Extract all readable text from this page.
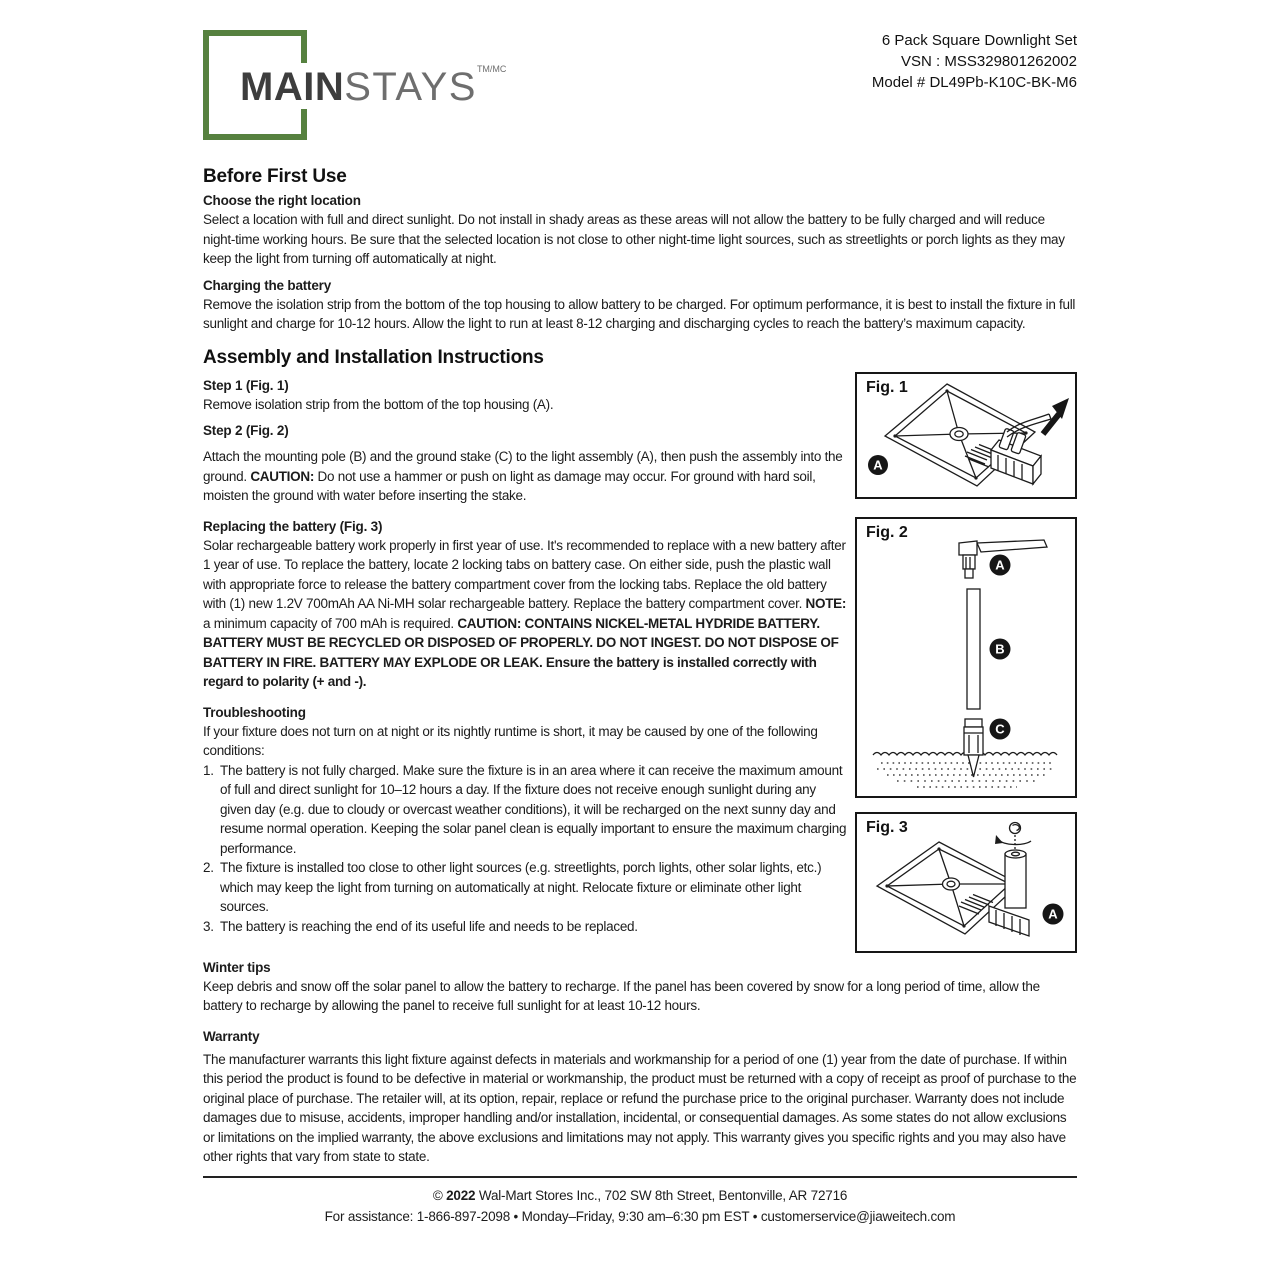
$MAINSTAYS^{TM/MC}$
6 Pack Square Downlight Set
VSN : MSS329801262002
Model # DL49Pb-K10C-BK-M6
Before First Use
Choose the right location

Select a location with full and direct sunlight. Do not install in shady areas as these areas will not allow the battery to be fully charged and will reduce night-time working hours. Be sure that the selected location is not close to other night-time light sources, such as streetlights or porch lights as they may keep the light from turning off automatically at night.

Charging the battery

Remove the isolation strip from the bottom of the top housing to allow battery to be charged. For optimum performance, it is best to install the fixture in full sunlight and charge for 10-12 hours. Allow the light to run at least 8-12 charging and discharging cycles to reach the battery’s maximum capacity.

Assembly and Installation Instructions
Step 1 (Fig. 1)

Remove isolation strip from the bottom of the top housing (A).

Step 2 (Fig. 2)

Attach the mounting pole (B) and the ground stake (C) to the light assembly (A), then push the assembly into the ground. CAUTION: Do not use a hammer or push on light as damage may occur. For ground with hard soil, moisten the ground with water before inserting the stake.

Replacing the battery (Fig. 3)

Solar rechargeable battery work properly in first year of use. It's recommended to replace with a new battery after 1 year of use. To replace the battery, locate 2 locking tabs on battery case. On either side, push the plastic wall with appropriate force to release the battery compartment cover from the locking tabs. Replace the old battery with (1) new 1.2V 700mAh AA Ni-MH solar rechargeable battery. Replace the battery compartment cover. NOTE: a minimum capacity of 700 mAh is required. CAUTION: CONTAINS NICKEL-METAL HYDRIDE BATTERY. BATTERY MUST BE RECYCLED OR DISPOSED OF PROPERLY. DO NOT INGEST. DO NOT DISPOSE OF BATTERY IN FIRE. BATTERY MAY EXPLODE OR LEAK. Ensure the battery is installed correctly with regard to polarity (+ and -).

Troubleshooting

If your fixture does not turn on at night or its nightly runtime is short, it may be caused by one of the following conditions:

1. The battery is not fully charged. Make sure the fixture is in an area where it can receive the maximum amount of full and direct sunlight for 10–12 hours a day. If the fixture does not receive enough sunlight during any given day (e.g. due to cloudy or overcast weather conditions), it will be recharged on the next sunny day and resume normal operation. Keeping the solar panel clean is equally important to ensure the maximum charging performance.
2. The fixture is installed too close to other light sources (e.g. streetlights, porch lights, other solar lights, etc.) which may keep the light from turning on automatically at night. Relocate fixture or eliminate other light sources.
3. The battery is reaching the end of its useful life and needs to be replaced.
Fig. 1
A
Fig. 2
A
B
C
Fig. 3
A
Winter tips

Keep debris and snow off the solar panel to allow the battery to recharge. If the panel has been covered by snow for a long period of time, allow the battery to recharge by allowing the panel to receive full sunlight for at least 10-12 hours.

Warranty

The manufacturer warrants this light fixture against defects in materials and workmanship for a period of one (1) year from the date of purchase. If within this period the product is found to be defective in material or workmanship, the product must be returned with a copy of receipt as proof of purchase to the original place of purchase. The retailer will, at its option, repair, replace or refund the purchase price to the original purchaser. Warranty does not include damages due to misuse, accidents, improper handling and/or installation, incidental, or consequential damages. As some states do not allow exclusions or limitations on the implied warranty, the above exclusions and limitations may not apply. This warranty gives you specific rights and you may also have other rights that vary from state to state.

© 2022 Wal-Mart Stores Inc., 702 SW 8th Street, Bentonville, AR 72716
For assistance: 1-866-897-2098 • Monday–Friday, 9:30 am–6:30 pm EST • customerservice@jiaweitech.com
